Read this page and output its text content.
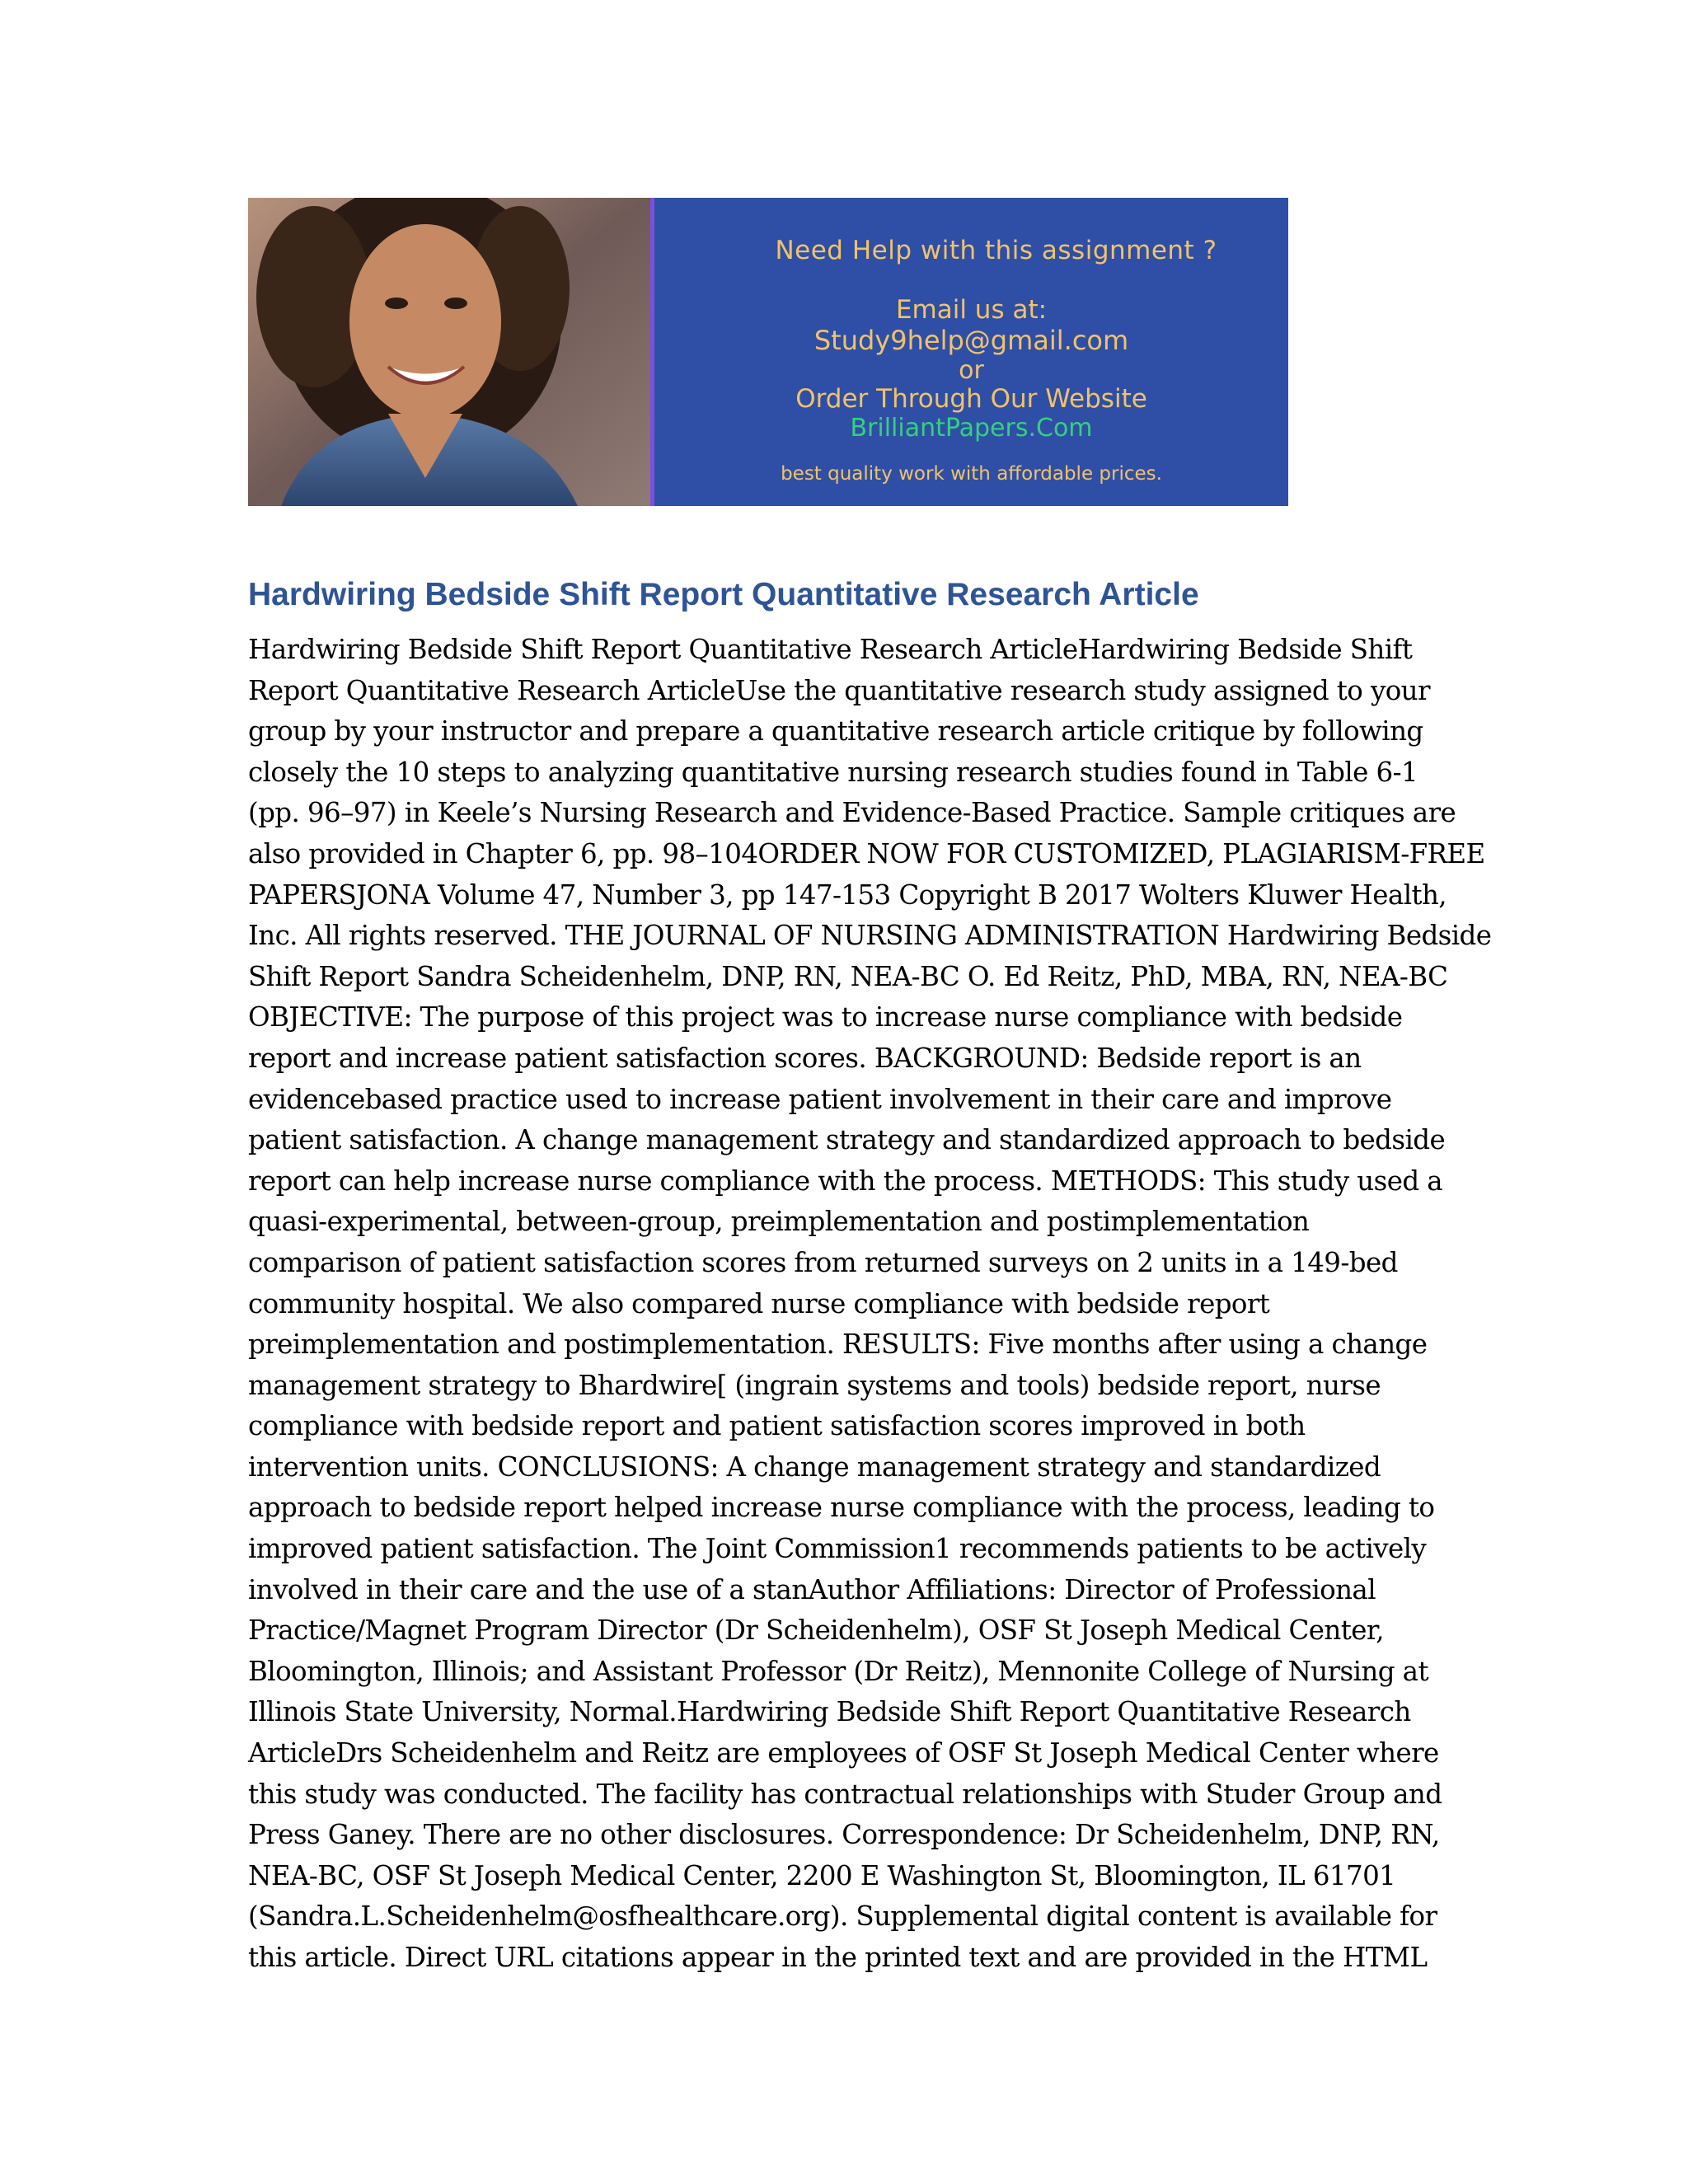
Need Help with this assignment ?
Email us at:
Study9help@gmail.com
or
Order Through Our Website
BrilliantPapers.Com
best quality work with affordable prices.
Hardwiring Bedside Shift Report Quantitative Research Article
Hardwiring Bedside Shift Report Quantitative Research ArticleHardwiring Bedside Shift
Report Quantitative Research ArticleUse the quantitative research study assigned to your
group by your instructor and prepare a quantitative research article critique by following
closely the 10 steps to analyzing quantitative nursing research studies found in Table 6-1
(pp. 96–97) in Keele’s Nursing Research and Evidence-Based Practice. Sample critiques are
also provided in Chapter 6, pp. 98–104ORDER NOW FOR CUSTOMIZED, PLAGIARISM-FREE
PAPERSJONA Volume 47, Number 3, pp 147-153 Copyright B 2017 Wolters Kluwer Health,
Inc. All rights reserved. THE JOURNAL OF NURSING ADMINISTRATION Hardwiring Bedside
Shift Report Sandra Scheidenhelm, DNP, RN, NEA-BC O. Ed Reitz, PhD, MBA, RN, NEA-BC
OBJECTIVE: The purpose of this project was to increase nurse compliance with bedside
report and increase patient satisfaction scores. BACKGROUND: Bedside report is an
evidencebased practice used to increase patient involvement in their care and improve
patient satisfaction. A change management strategy and standardized approach to bedside
report can help increase nurse compliance with the process. METHODS: This study used a
quasi-experimental, between-group, preimplementation and postimplementation
comparison of patient satisfaction scores from returned surveys on 2 units in a 149-bed
community hospital. We also compared nurse compliance with bedside report
preimplementation and postimplementation. RESULTS: Five months after using a change
management strategy to Bhardwire[ (ingrain systems and tools) bedside report, nurse
compliance with bedside report and patient satisfaction scores improved in both
intervention units. CONCLUSIONS: A change management strategy and standardized
approach to bedside report helped increase nurse compliance with the process, leading to
improved patient satisfaction. The Joint Commission1 recommends patients to be actively
involved in their care and the use of a stanAuthor Affiliations: Director of Professional
Practice/Magnet Program Director (Dr Scheidenhelm), OSF St Joseph Medical Center,
Bloomington, Illinois; and Assistant Professor (Dr Reitz), Mennonite College of Nursing at
Illinois State University, Normal.Hardwiring Bedside Shift Report Quantitative Research
ArticleDrs Scheidenhelm and Reitz are employees of OSF St Joseph Medical Center where
this study was conducted. The facility has contractual relationships with Studer Group and
Press Ganey. There are no other disclosures. Correspondence: Dr Scheidenhelm, DNP, RN,
NEA-BC, OSF St Joseph Medical Center, 2200 E Washington St, Bloomington, IL 61701
(Sandra.L.Scheidenhelm@osfhealthcare.org). Supplemental digital content is available for
this article. Direct URL citations appear in the printed text and are provided in the HTML
